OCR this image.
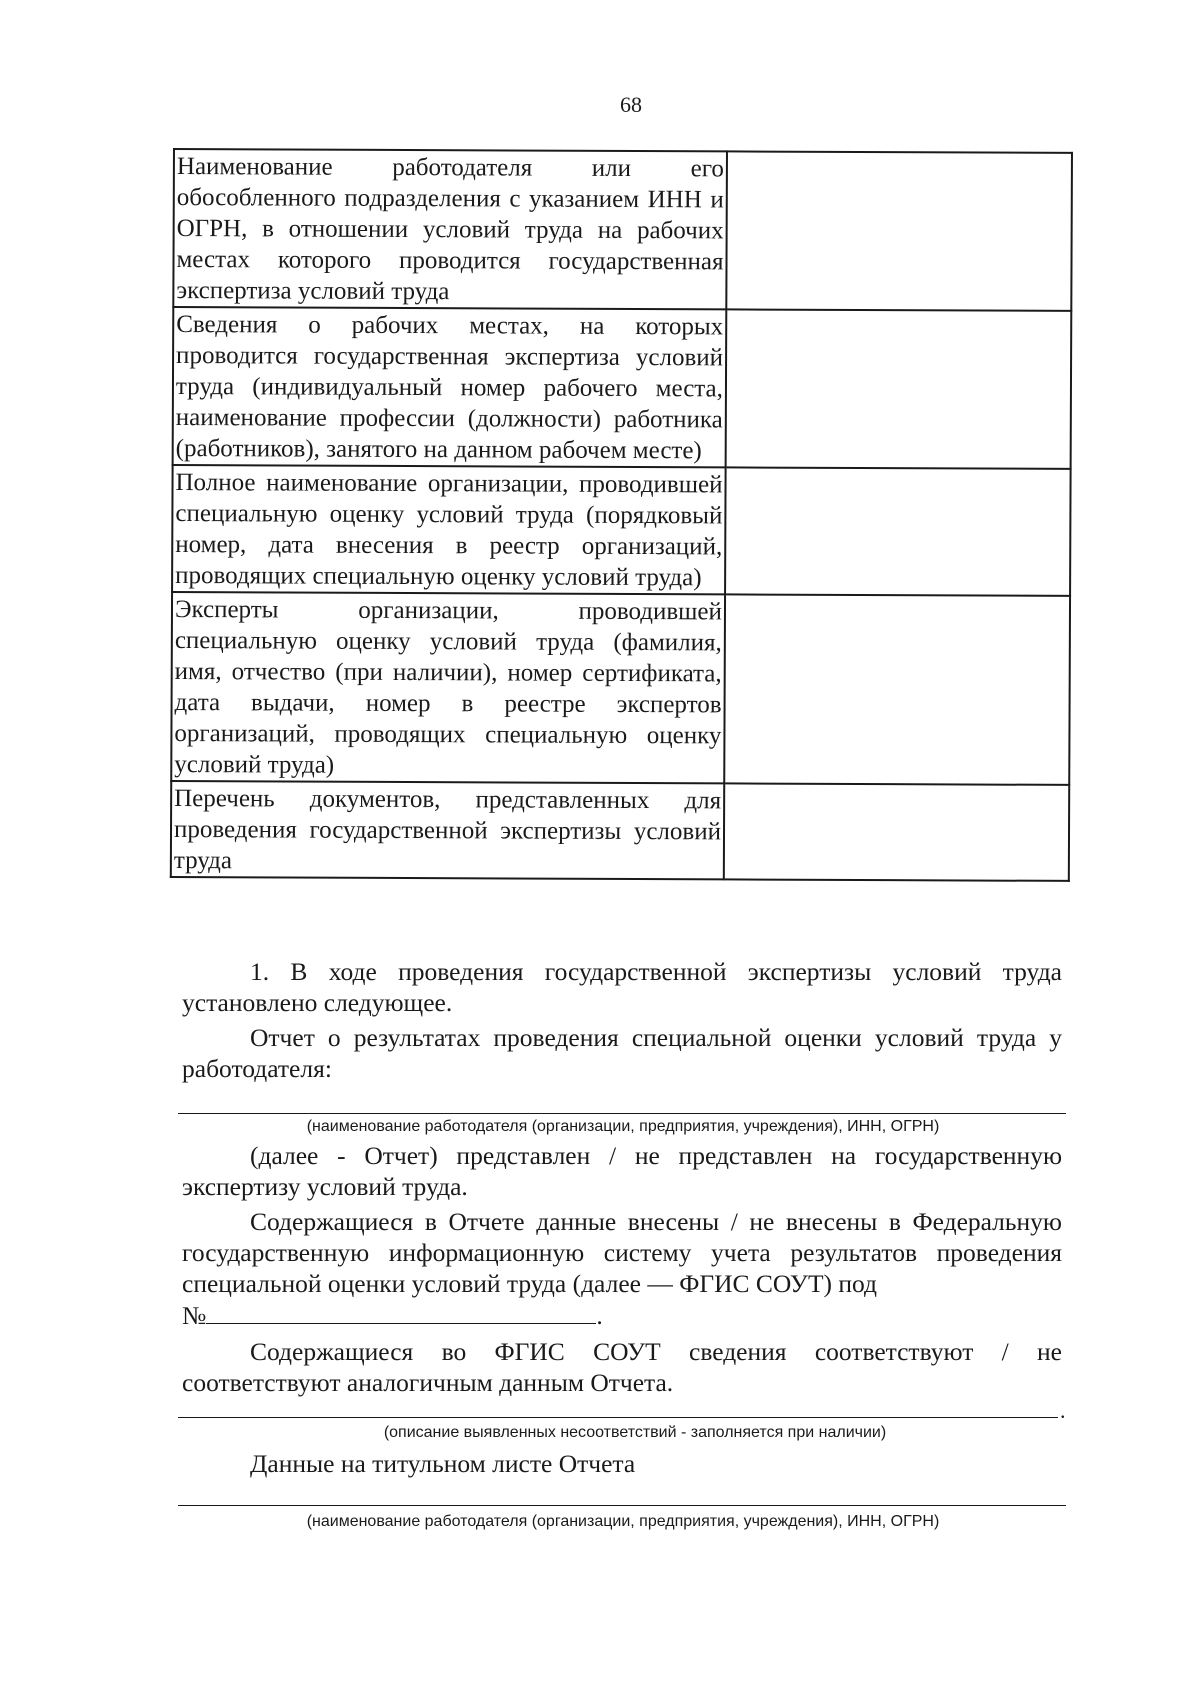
68
Наименование работодателя или его обособленного подразделения с указанием ИНН и ОГРН, в отношении условий труда на рабочих местах которого проводится государственная экспертиза условий труда	
Сведения о рабочих местах, на которых проводится государственная экспертиза условий труда (индивидуальный номер рабочего места, наименование профессии (должности) работника (работников), занятого на данном рабочем месте)	
Полное наименование организации, проводившей специальную оценку условий труда (порядковый номер, дата внесения в реестр организаций, проводящих специальную оценку условий труда)	
Эксперты организации, проводившей специальную оценку условий труда (фамилия, имя, отчество (при наличии), номер сертификата, дата выдачи, номер в реестре экспертов организаций, проводящих специальную оценку условий труда)	
Перечень документов, представленных для проведения государственной экспертизы условий труда	

1. В ходе проведения государственной экспертизы условий труда установлено следующее.

Отчет о результатах проведения специальной оценки условий труда у работодателя:

(наименование работодателя (организации, предприятия, учреждения), ИНН, ОГРН)

(далее - Отчет) представлен / не представлен на государственную экспертизу условий труда.

Содержащиеся в Отчете данные внесены / не внесены в Федеральную государственную информационную систему учета результатов проведения специальной оценки условий труда (далее — ФГИС СОУТ) под

№	.

Содержащиеся во ФГИС СОУТ сведения соответствуют / не соответствуют аналогичным данным Отчета.

.
(описание выявленных несоответствий - заполняется при наличии)

Данные на титульном листе Отчета

(наименование работодателя (организации, предприятия, учреждения), ИНН, ОГРН)
